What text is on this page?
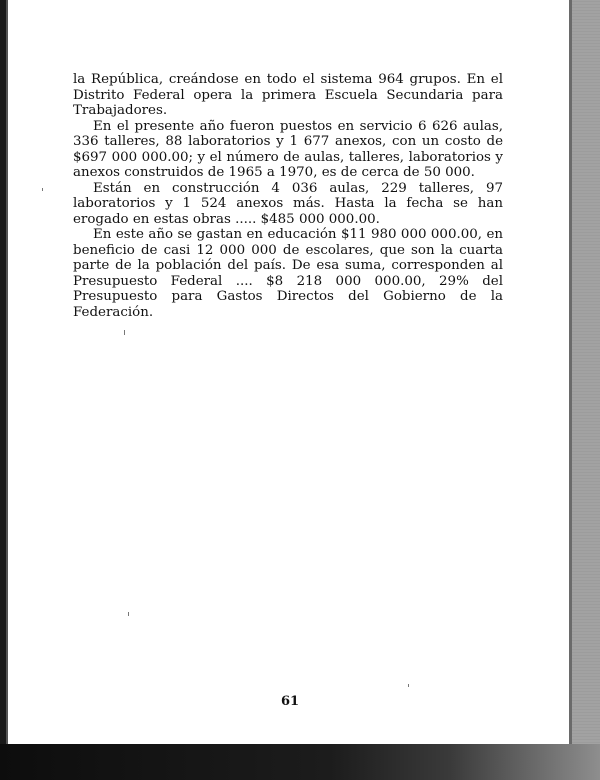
la República, creándose en todo el sistema 964 grupos. En el Distrito Federal opera la primera Escuela Secundaria para Trabajadores.

En el presente año fueron puestos en servicio 6 626 aulas, 336 talleres, 88 laboratorios y 1 677 anexos, con un costo de $697 000 000.00; y el número de aulas, talleres, laboratorios y anexos construidos de 1965 a 1970, es de cerca de 50 000.

Están en construcción 4 036 aulas, 229 talleres, 97 laboratorios y 1 524 anexos más. Hasta la fecha se han erogado en estas obras ..... $485 000 000.00.

En este año se gastan en educación $11 980 000 000.00, en beneficio de casi 12 000 000 de escolares, que son la cuarta parte de la población del país. De esa suma, corresponden al Presupuesto Federal .... $8 218 000 000.00, 29% del Presupuesto para Gastos Directos del Gobierno de la Federación.

61
